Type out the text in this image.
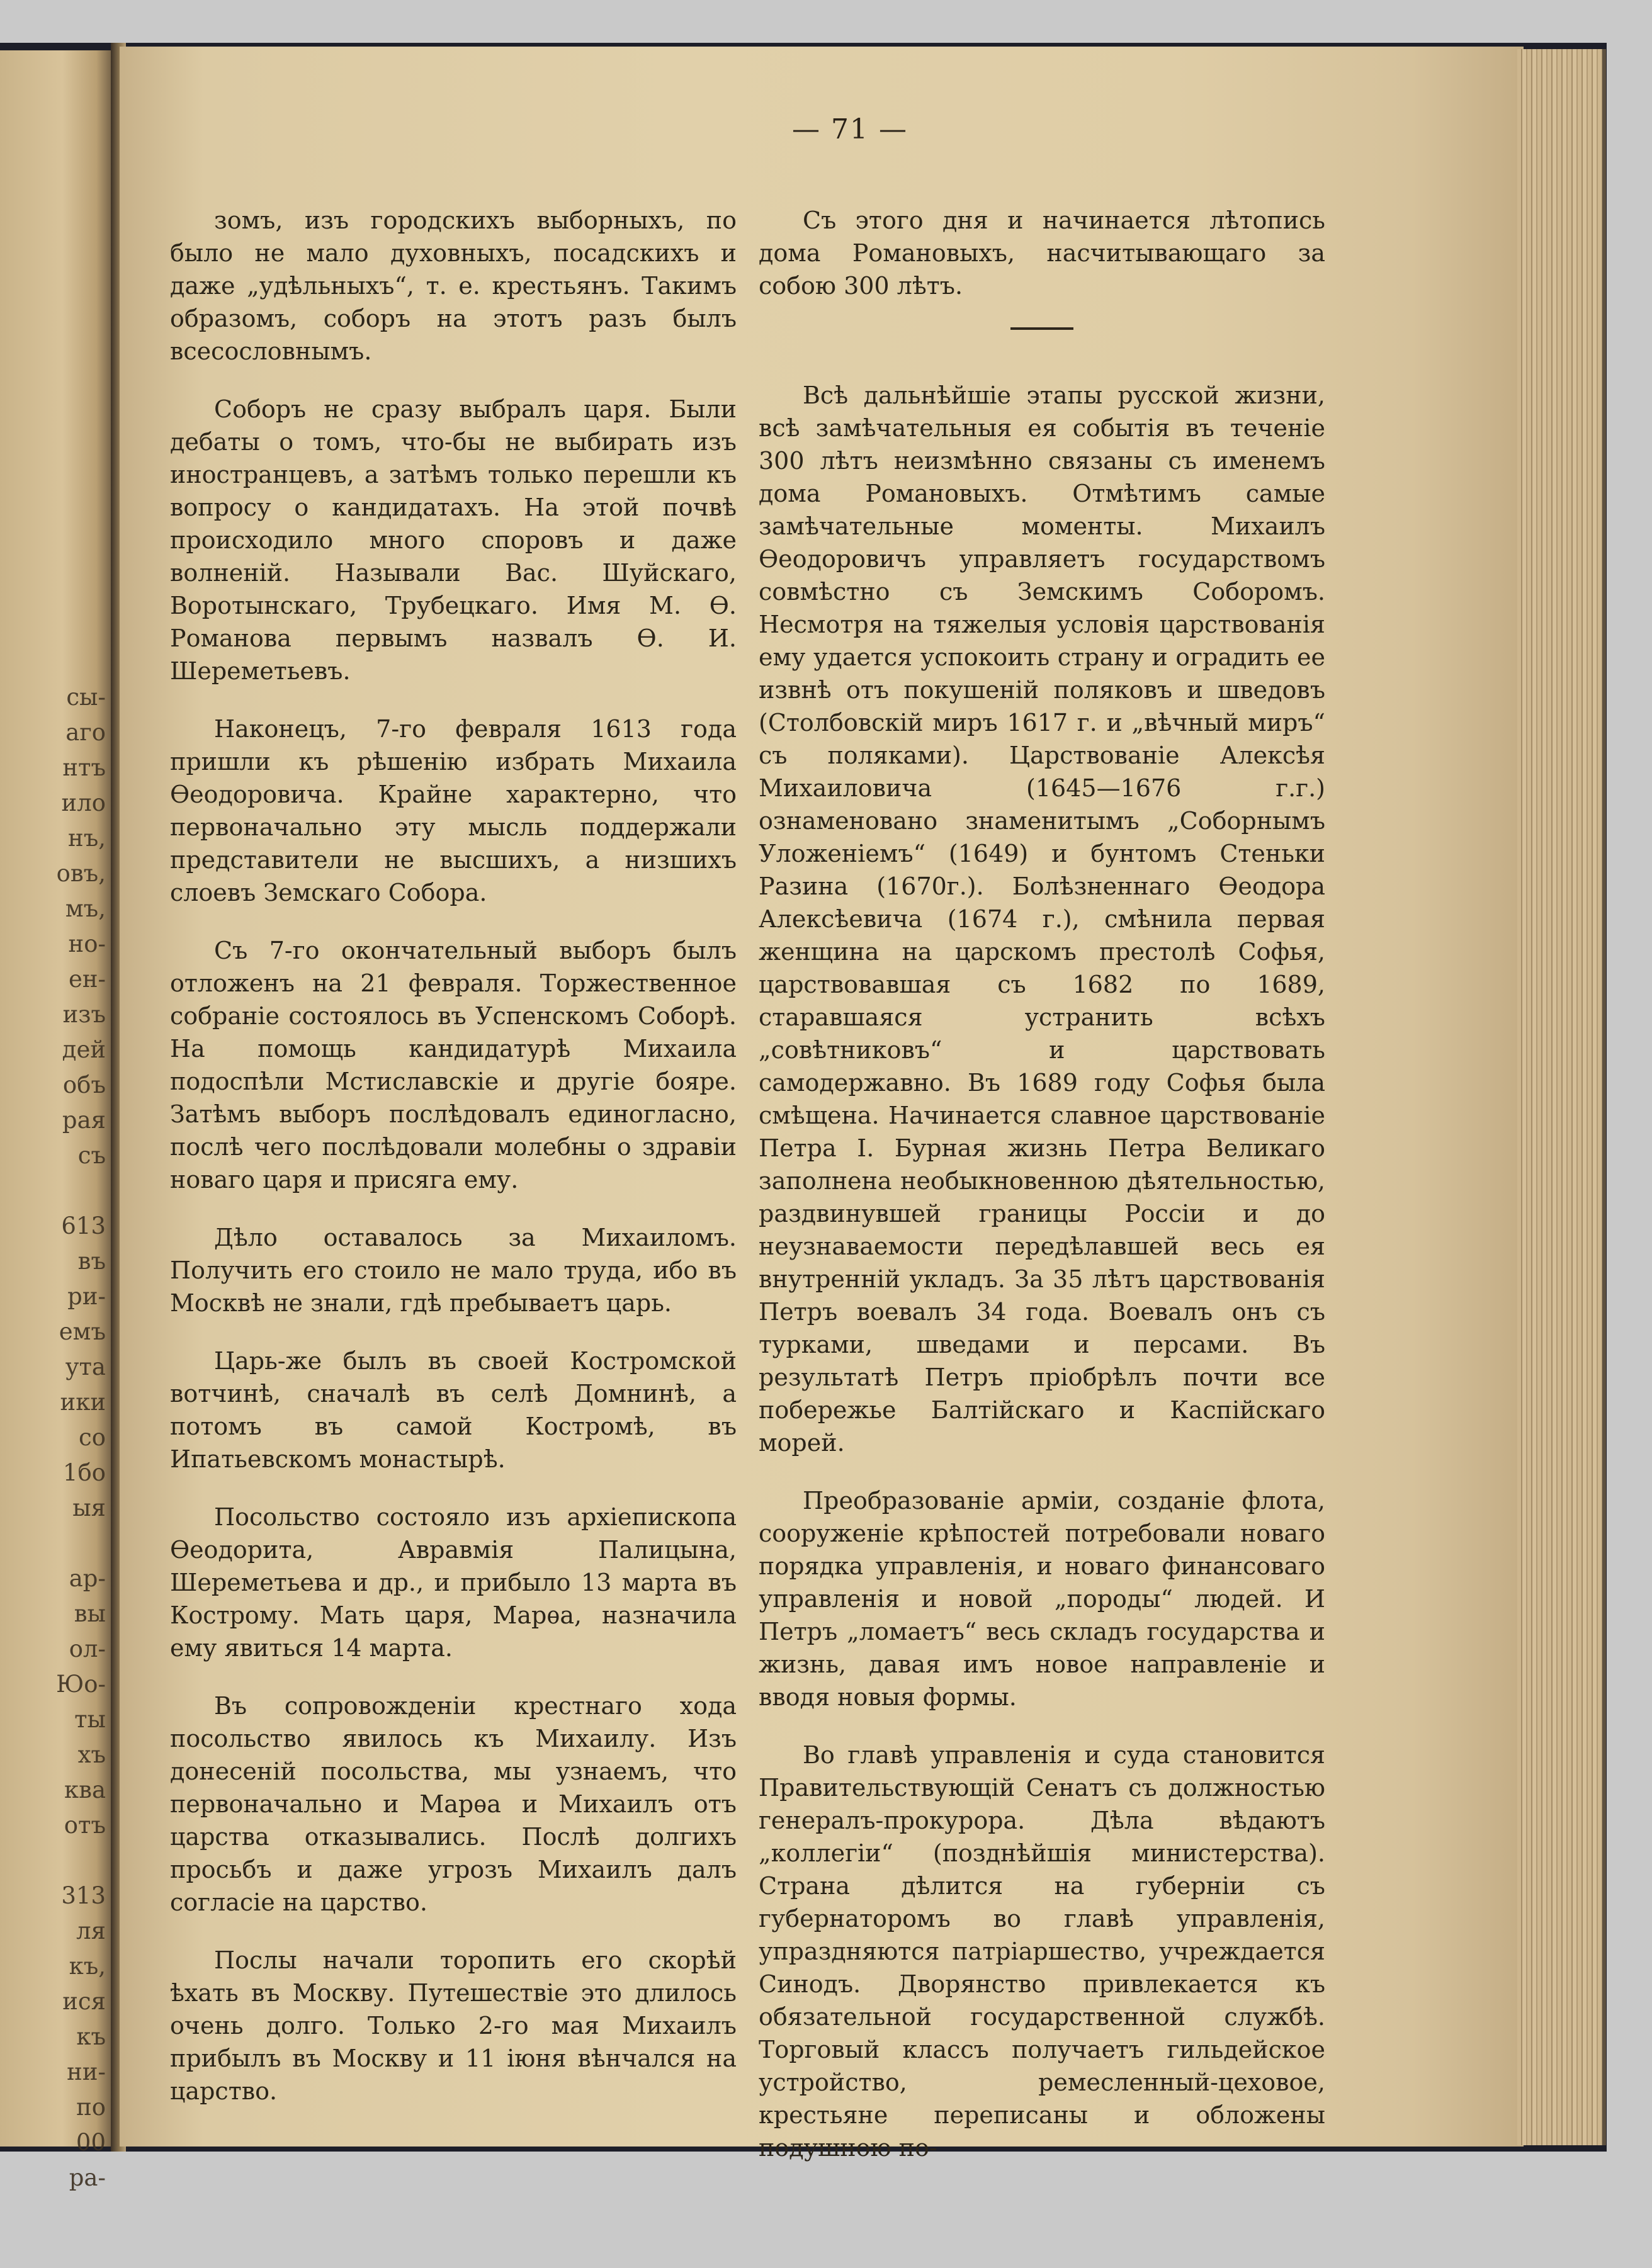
сы-
аго
нтъ
ило
нъ,
овъ,
мъ,
но-
ен-
изъ
дей
объ
рая
съ

613
въ
ри-
емъ
ута
ики
со
1бо
ыя

ар-
вы
ол-
Юо-
ты
хъ
ква
отъ

313
ля
къ,
ися
къ
ни-
по
00
ра-
— 71 —

зомъ, изъ городскихъ выборныхъ, по было не мало духовныхъ, посадскихъ и даже „удѣльныхъ“, т. е. крестьянъ. Такимъ образомъ, соборъ на этотъ разъ былъ всесословнымъ.

Соборъ не сразу выбралъ царя. Были дебаты о томъ, что-бы не выбирать изъ иностранцевъ, а затѣмъ только перешли къ вопросу о кандидатахъ. На этой почвѣ происходило много споровъ и даже волненій. Называли Вас. Шуйскаго, Воротынскаго, Трубецкаго. Имя М. Ѳ. Романова первымъ назвалъ Ѳ. И. Шереметьевъ.

Наконецъ, 7-го февраля 1613 года пришли къ рѣшенію избрать Михаила Ѳеодоровича. Крайне характерно, что первоначально эту мысль поддержали представители не высшихъ, а низшихъ слоевъ Земскаго Собора.

Съ 7-го окончательный выборъ былъ отложенъ на 21 февраля. Торжественное собраніе состоялось въ Успенскомъ Соборѣ. На помощь кандидатурѣ Михаила подоспѣли Мстиславскіе и другіе бояре. Затѣмъ выборъ послѣдовалъ единогласно, послѣ чего послѣдовали молебны о здравіи новаго царя и присяга ему.

Дѣло оставалось за Михаиломъ. Получить его стоило не мало труда, ибо въ Москвѣ не знали, гдѣ пребываетъ царь.

Царь-же былъ въ своей Костромской вотчинѣ, сначалѣ въ селѣ Домнинѣ, а потомъ въ самой Костромѣ, въ Ипатьевскомъ монастырѣ.

Посольство состояло изъ архіепископа Ѳеодорита, Авравмія Палицына, Шереметьева и др., и прибыло 13 марта въ Кострому. Мать царя, Марѳа, назначила ему явиться 14 марта.

Въ сопровожденіи крестнаго хода посольство явилось къ Михаилу. Изъ донесеній посольства, мы узнаемъ, что первоначально и Марѳа и Михаилъ отъ царства отказывались. Послѣ долгихъ просьбъ и даже угрозъ Михаилъ далъ согласіе на царство.

Послы начали торопить его скорѣй ѣхать въ Москву. Путешествіе это длилось очень долго. Только 2-го мая Михаилъ прибылъ въ Москву и 11 іюня вѣнчался на царство.

Съ этого дня и начинается лѣтопись дома Романовыхъ, насчитывающаго за собою 300 лѣтъ.

Всѣ дальнѣйшіе этапы русской жизни, всѣ замѣчательныя ея событія въ теченіе 300 лѣтъ неизмѣнно связаны съ именемъ дома Романовыхъ. Отмѣтимъ самые замѣчательные моменты. Михаилъ Ѳеодоровичъ управляетъ государствомъ совмѣстно съ Земскимъ Соборомъ. Несмотря на тяжелыя условія царствованія ему удается успокоить страну и оградить ее извнѣ отъ покушеній поляковъ и шведовъ (Столбовскій миръ 1617 г. и „вѣчный миръ“ съ поляками). Царствованіе Алексѣя Михаиловича (1645—1676 г.г.) ознаменовано знаменитымъ „Соборнымъ Уложеніемъ“ (1649) и бунтомъ Стеньки Разина (1670г.). Болѣзненнаго Ѳеодора Алексѣевича (1674 г.), смѣнила первая женщина на царскомъ престолѣ Софья, царствовавшая съ 1682 по 1689, старавшаяся устранить всѣхъ „совѣтниковъ“ и царствовать самодержавно. Въ 1689 году Софья была смѣщена. Начинается славное царствованіе Петра I. Бурная жизнь Петра Великаго заполнена необыкновенною дѣятельностью, раздвинувшей границы Россіи и до неузнаваемости передѣлавшей весь ея внутренній укладъ. За 35 лѣтъ царствованія Петръ воевалъ 34 года. Воевалъ онъ съ турками, шведами и персами. Въ результатѣ Петръ пріобрѣлъ почти все побережье Балтійскаго и Каспійскаго морей.

Преобразованіе арміи, созданіе флота, сооруженіе крѣпостей потребовали новаго порядка управленія, и новаго финансоваго управленія и новой „породы“ людей. И Петръ „ломаетъ“ весь складъ государства и жизнь, давая имъ новое направленіе и вводя новыя формы.

Во главѣ управленія и суда становится Правительствующій Сенатъ съ должностью генералъ-прокурора. Дѣла вѣдаютъ „коллегіи“ (позднѣйшія министерства). Страна дѣлится на губерніи съ губернаторомъ во главѣ управленія, упраздняются патріаршество, учреждается Синодъ. Дворянство привлекается къ обязательной государственной службѣ. Торговый классъ получаетъ гильдейское устройство, ремесленный-цеховое, крестьяне переписаны и обложены подушною по-
